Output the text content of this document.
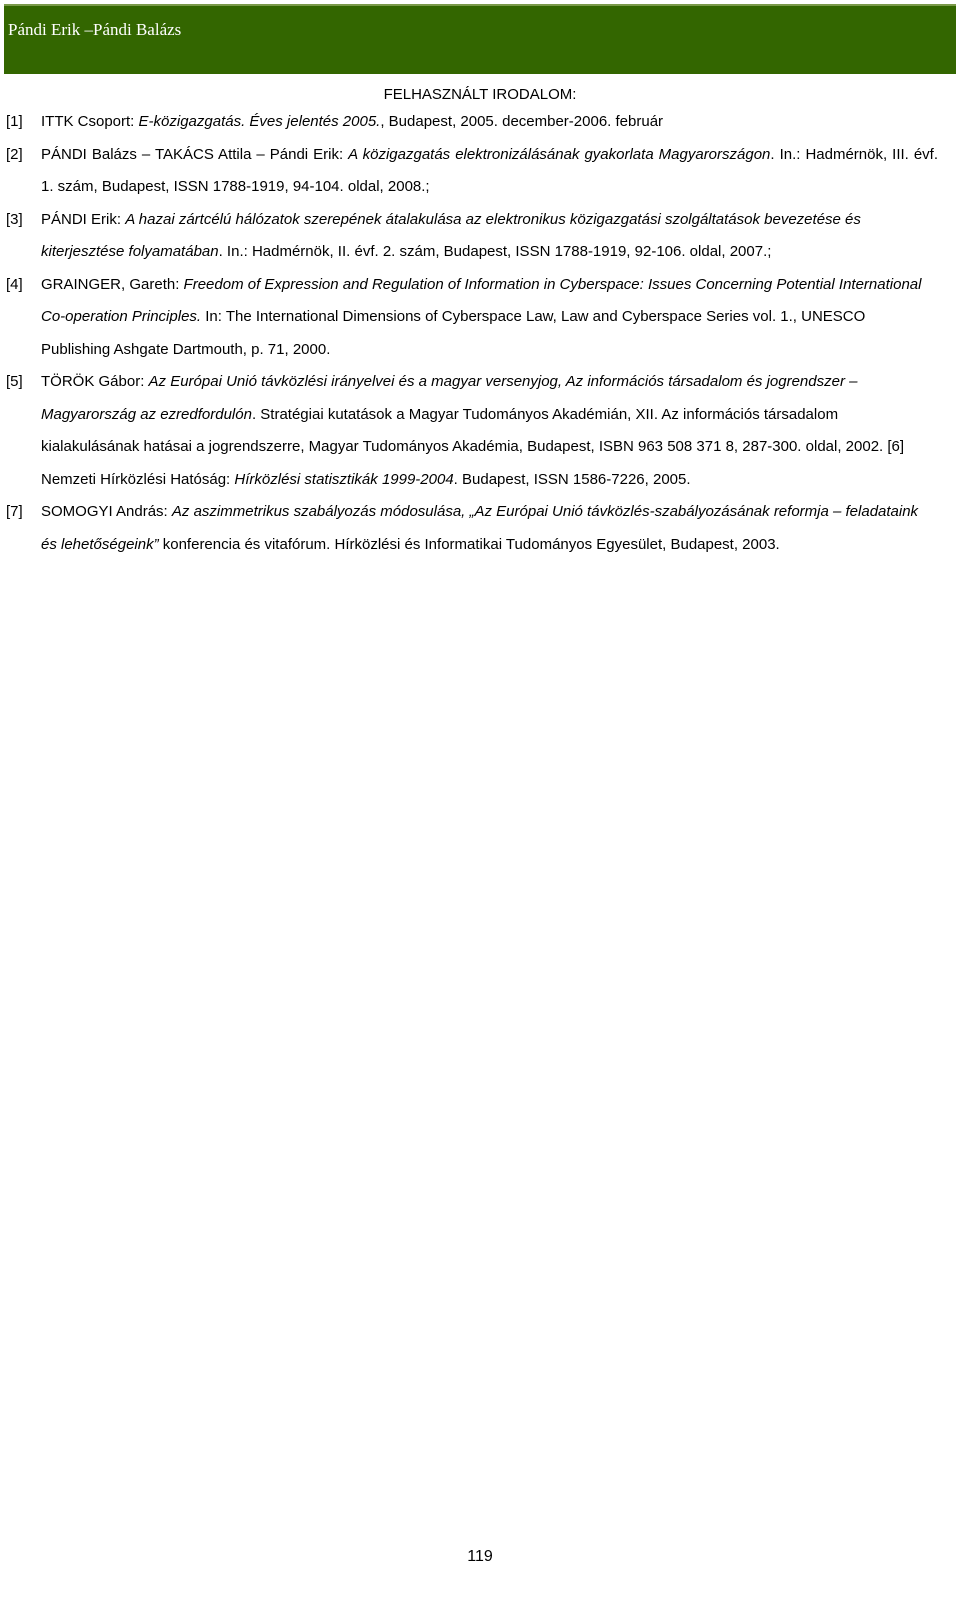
Pándi Erik –Pándi Balázs
FELHASZNÁLT IRODALOM:
[1] ITTK Csoport: E-közigazgatás. Éves jelentés 2005., Budapest, 2005. december-2006. február
[2] PÁNDI Balázs – TAKÁCS Attila – Pándi Erik: A közigazgatás elektronizálásának gyakorlata Magyarországon. In.: Hadmérnök, III. évf. 1. szám, Budapest, ISSN 1788-1919, 94-104. oldal, 2008.;
[3] PÁNDI Erik: A hazai zártcélú hálózatok szerepének átalakulása az elektronikus közigazgatási szolgáltatások bevezetése és kiterjesztése folyamatában. In.: Hadmérnök, II. évf. 2. szám, Budapest, ISSN 1788-1919, 92-106. oldal, 2007.;
[4] GRAINGER, Gareth: Freedom of Expression and Regulation of Information in Cyberspace: Issues Concerning Potential International Co-operation Principles. In: The International Dimensions of Cyberspace Law, Law and Cyberspace Series vol. 1., UNESCO Publishing Ashgate Dartmouth, p. 71, 2000.
[5] TÖRÖK Gábor: Az Európai Unió távközlési irányelvei és a magyar versenyjog, Az információs társadalom és jogrendszer – Magyarország az ezredfordulón. Stratégiai kutatások a Magyar Tudományos Akadémián, XII. Az információs társadalom kialakulásának hatásai a jogrendszerre, Magyar Tudományos Akadémia, Budapest, ISBN 963 508 371 8, 287-300. oldal, 2002. [6] Nemzeti Hírközlési Hatóság: Hírközlési statisztikák 1999-2004. Budapest, ISSN 1586-7226, 2005.
[7] SOMOGYI András: Az aszimmetrikus szabályozás módosulása, „Az Európai Unió távközlés-szabályozásának reformja – feladataink és lehetőségeink” konferencia és vitafórum. Hírközlési és Informatikai Tudományos Egyesület, Budapest, 2003.
119
